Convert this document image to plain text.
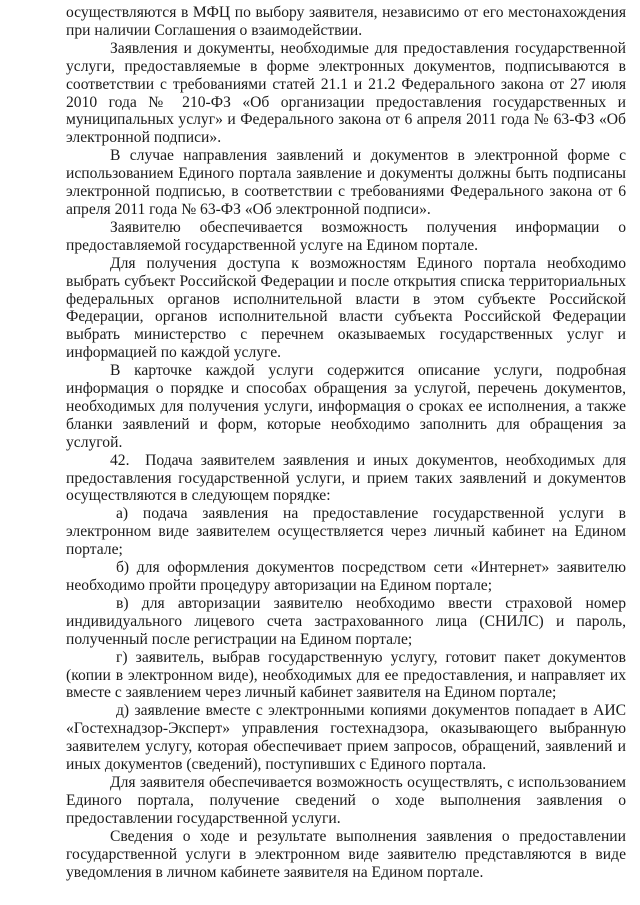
осуществляются в МФЦ по выбору заявителя, независимо от его местонахождения при наличии Соглашения о взаимодействии.

Заявления и документы, необходимые для предоставления государственной услуги, предоставляемые в форме электронных документов, подписываются в соответствии с требованиями статей 21.1 и 21.2 Федерального закона от 27 июля 2010 года № 210-ФЗ «Об организации предоставления государственных и муниципальных услуг» и Федерального закона от 6 апреля 2011 года № 63-ФЗ «Об электронной подписи».

В случае направления заявлений и документов в электронной форме с использованием Единого портала заявление и документы должны быть подписаны электронной подписью, в соответствии с требованиями Федерального закона от 6 апреля 2011 года № 63-ФЗ «Об электронной подписи».

Заявителю обеспечивается возможность получения информации о предоставляемой государственной услуге на Едином портале.

Для получения доступа к возможностям Единого портала необходимо выбрать субъект Российской Федерации и после открытия списка территориальных федеральных органов исполнительной власти в этом субъекте Российской Федерации, органов исполнительной власти субъекта Российской Федерации выбрать министерство с перечнем оказываемых государственных услуг и информацией по каждой услуге.

В карточке каждой услуги содержится описание услуги, подробная информация о порядке и способах обращения за услугой, перечень документов, необходимых для получения услуги, информация о сроках ее исполнения, а также бланки заявлений и форм, которые необходимо заполнить для обращения за услугой.

42. Подача заявителем заявления и иных документов, необходимых для предоставления государственной услуги, и прием таких заявлений и документов осуществляются в следующем порядке:

а) подача заявления на предоставление государственной услуги в электронном виде заявителем осуществляется через личный кабинет на Едином портале;

б) для оформления документов посредством сети «Интернет» заявителю необходимо пройти процедуру авторизации на Едином портале;

в) для авторизации заявителю необходимо ввести страховой номер индивидуального лицевого счета застрахованного лица (СНИЛС) и пароль, полученный после регистрации на Едином портале;

г) заявитель, выбрав государственную услугу, готовит пакет документов (копии в электронном виде), необходимых для ее предоставления, и направляет их вместе с заявлением через личный кабинет заявителя на Едином портале;

д) заявление вместе с электронными копиями документов попадает в АИС «Гостехнадзор-Эксперт» управления гостехнадзора, оказывающего выбранную заявителем услугу, которая обеспечивает прием запросов, обращений, заявлений и иных документов (сведений), поступивших с Единого портала.

Для заявителя обеспечивается возможность осуществлять, с использованием Единого портала, получение сведений о ходе выполнения заявления о предоставлении государственной услуги.

Сведения о ходе и результате выполнения заявления о предоставлении государственной услуги в электронном виде заявителю представляются в виде уведомления в личном кабинете заявителя на Едином портале.
